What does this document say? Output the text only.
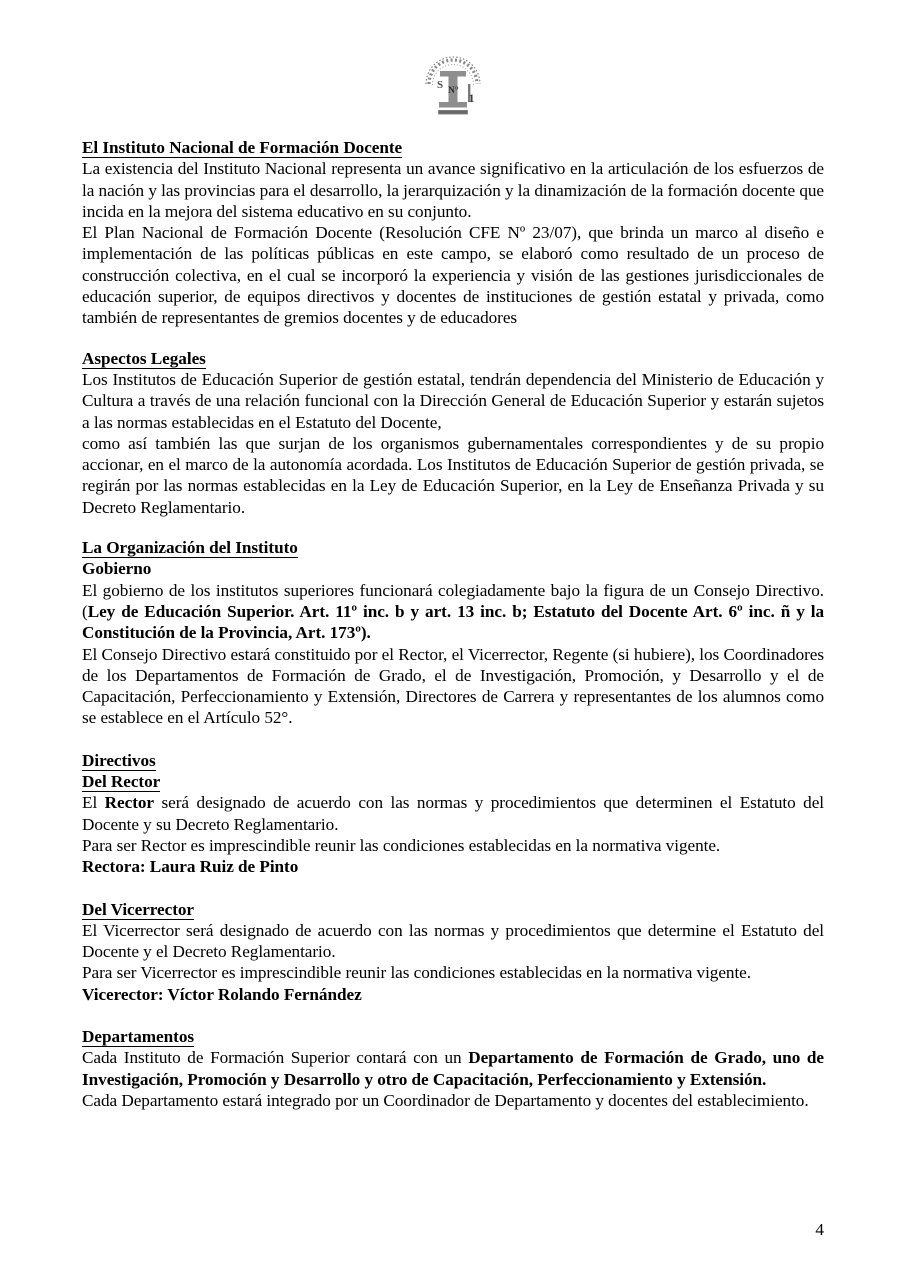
S N° 1
El Instituto Nacional de Formación Docente

La existencia del Instituto Nacional representa un avance significativo en la articulación de los esfuerzos de la nación y las provincias para el desarrollo, la jerarquización y la dinamización de la formación docente que incida en la mejora del sistema educativo en su conjunto.

El Plan Nacional de Formación Docente (Resolución CFE Nº 23/07), que brinda un marco al diseño e implementación de las políticas públicas en este campo, se elaboró como resultado de un proceso de construcción colectiva, en el cual se incorporó la experiencia y visión de las gestiones jurisdiccionales de educación superior, de equipos directivos y docentes de instituciones de gestión estatal y privada, como también de representantes de gremios docentes y de educadores

Aspectos Legales

Los Institutos de Educación Superior de gestión estatal, tendrán dependencia del Ministerio de Educación y Cultura a través de una relación funcional con la Dirección General de Educación Superior y estarán sujetos a las normas establecidas en el Estatuto del Docente,

como así también las que surjan de los organismos gubernamentales correspondientes y de su propio accionar, en el marco de la autonomía acordada. Los Institutos de Educación Superior de gestión privada, se regirán por las normas establecidas en la Ley de Educación Superior, en la Ley de Enseñanza Privada y su Decreto Reglamentario.

La Organización del Instituto
Gobierno

El gobierno de los institutos superiores funcionará colegiadamente bajo la figura de un Consejo Directivo. (Ley de Educación Superior. Art. 11º inc. b y art. 13 inc. b; Estatuto del Docente Art. 6º inc. ñ y la Constitución de la Provincia, Art. 173º).

El Consejo Directivo estará constituido por el Rector, el Vicerrector, Regente (si hubiere), los Coordinadores de los Departamentos de Formación de Grado, el de Investigación, Promoción, y Desarrollo y el de Capacitación, Perfeccionamiento y Extensión, Directores de Carrera y representantes de los alumnos como se establece en el Artículo 52°.

Directivos
Del Rector

El Rector será designado de acuerdo con las normas y procedimientos que determinen el Estatuto del Docente y su Decreto Reglamentario.

Para ser Rector es imprescindible reunir las condiciones establecidas en la normativa vigente.

Rectora: Laura Ruiz de Pinto
Del Vicerrector

El Vicerrector será designado de acuerdo con las normas y procedimientos que determine el Estatuto del Docente y el Decreto Reglamentario.

Para ser Vicerrector es imprescindible reunir las condiciones establecidas en la normativa vigente.

Vicerector: Víctor Rolando Fernández
Departamentos

Cada Instituto de Formación Superior contará con un Departamento de Formación de Grado, uno de Investigación, Promoción y Desarrollo y otro de Capacitación, Perfeccionamiento y Extensión.

Cada Departamento estará integrado por un Coordinador de Departamento y docentes del establecimiento.

4
